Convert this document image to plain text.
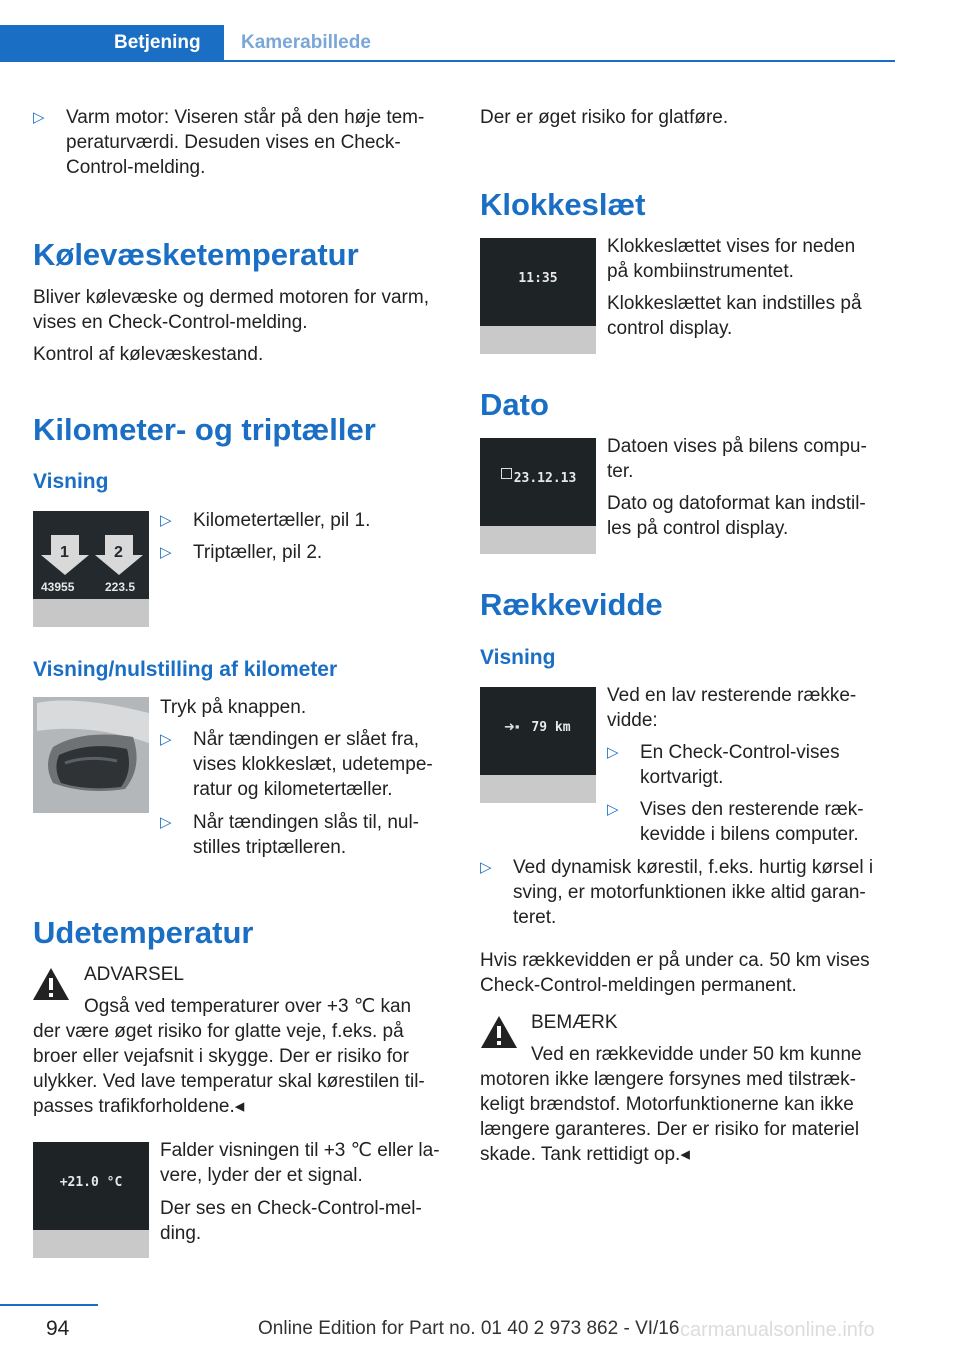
Betjening	Kamerabillede
▷ Varm motor: Viseren står på den høje tem-
peraturværdi. Desuden vises en Check-
Control-melding.
Kølevæsketemperatur
Bliver kølevæske og dermed motoren for varm,
vises en Check-Control-melding.
Kontrol af kølevæskestand.
Kilometer- og triptæller
Visning
1	2
43955	223.5
▷ Kilometertæller, pil 1.
▷ Triptæller, pil 2.
Visning/nulstilling af kilometer
Tryk på knappen.
▷ Når tændingen er slået fra,
vises klokkeslæt, udetempe-
ratur og kilometertæller.
▷ Når tændingen slås til, nul-
stilles triptælleren.
Udetemperatur
ADVARSEL
Også ved temperaturer over +3 ℃ kan
der være øget risiko for glatte veje, f.eks. på
broer eller vejafsnit i skygge. Der er risiko for
ulykker. Ved lave temperatur skal kørestilen til-
passes trafikforholdene.◂
+21.0 °C
Falder visningen til +3 ℃ eller la-
vere, lyder der et signal.
Der ses en Check-Control-mel-
ding.
Der er øget risiko for glatføre.
Klokkeslæt
11:35
Klokkeslættet vises for neden
på kombiinstrumentet.
Klokkeslættet kan indstilles på
control display.
Dato
23.12.13
Datoen vises på bilens compu-
ter.
Dato og datoformat kan indstil-
les på control display.
Rækkevidde
Visning
➜▪ 79 km
Ved en lav resterende række-
vidde:
▷ En Check-Control-vises
kortvarigt.
▷ Vises den resterende ræk-
kevidde i bilens computer.
▷ Ved dynamisk kørestil, f.eks. hurtig kørsel i
sving, er motorfunktionen ikke altid garan-
teret.
Hvis rækkevidden er på under ca. 50 km vises
Check-Control-meldingen permanent.
BEMÆRK
Ved en rækkevidde under 50 km kunne
motoren ikke længere forsynes med tilstræk-
keligt brændstof. Motorfunktionerne kan ikke
længere garanteres. Der er risiko for materiel
skade. Tank rettidigt op.◂
94	Online Edition for Part no. 01 40 2 973 862 - VI/16 carmanualsonline.info
